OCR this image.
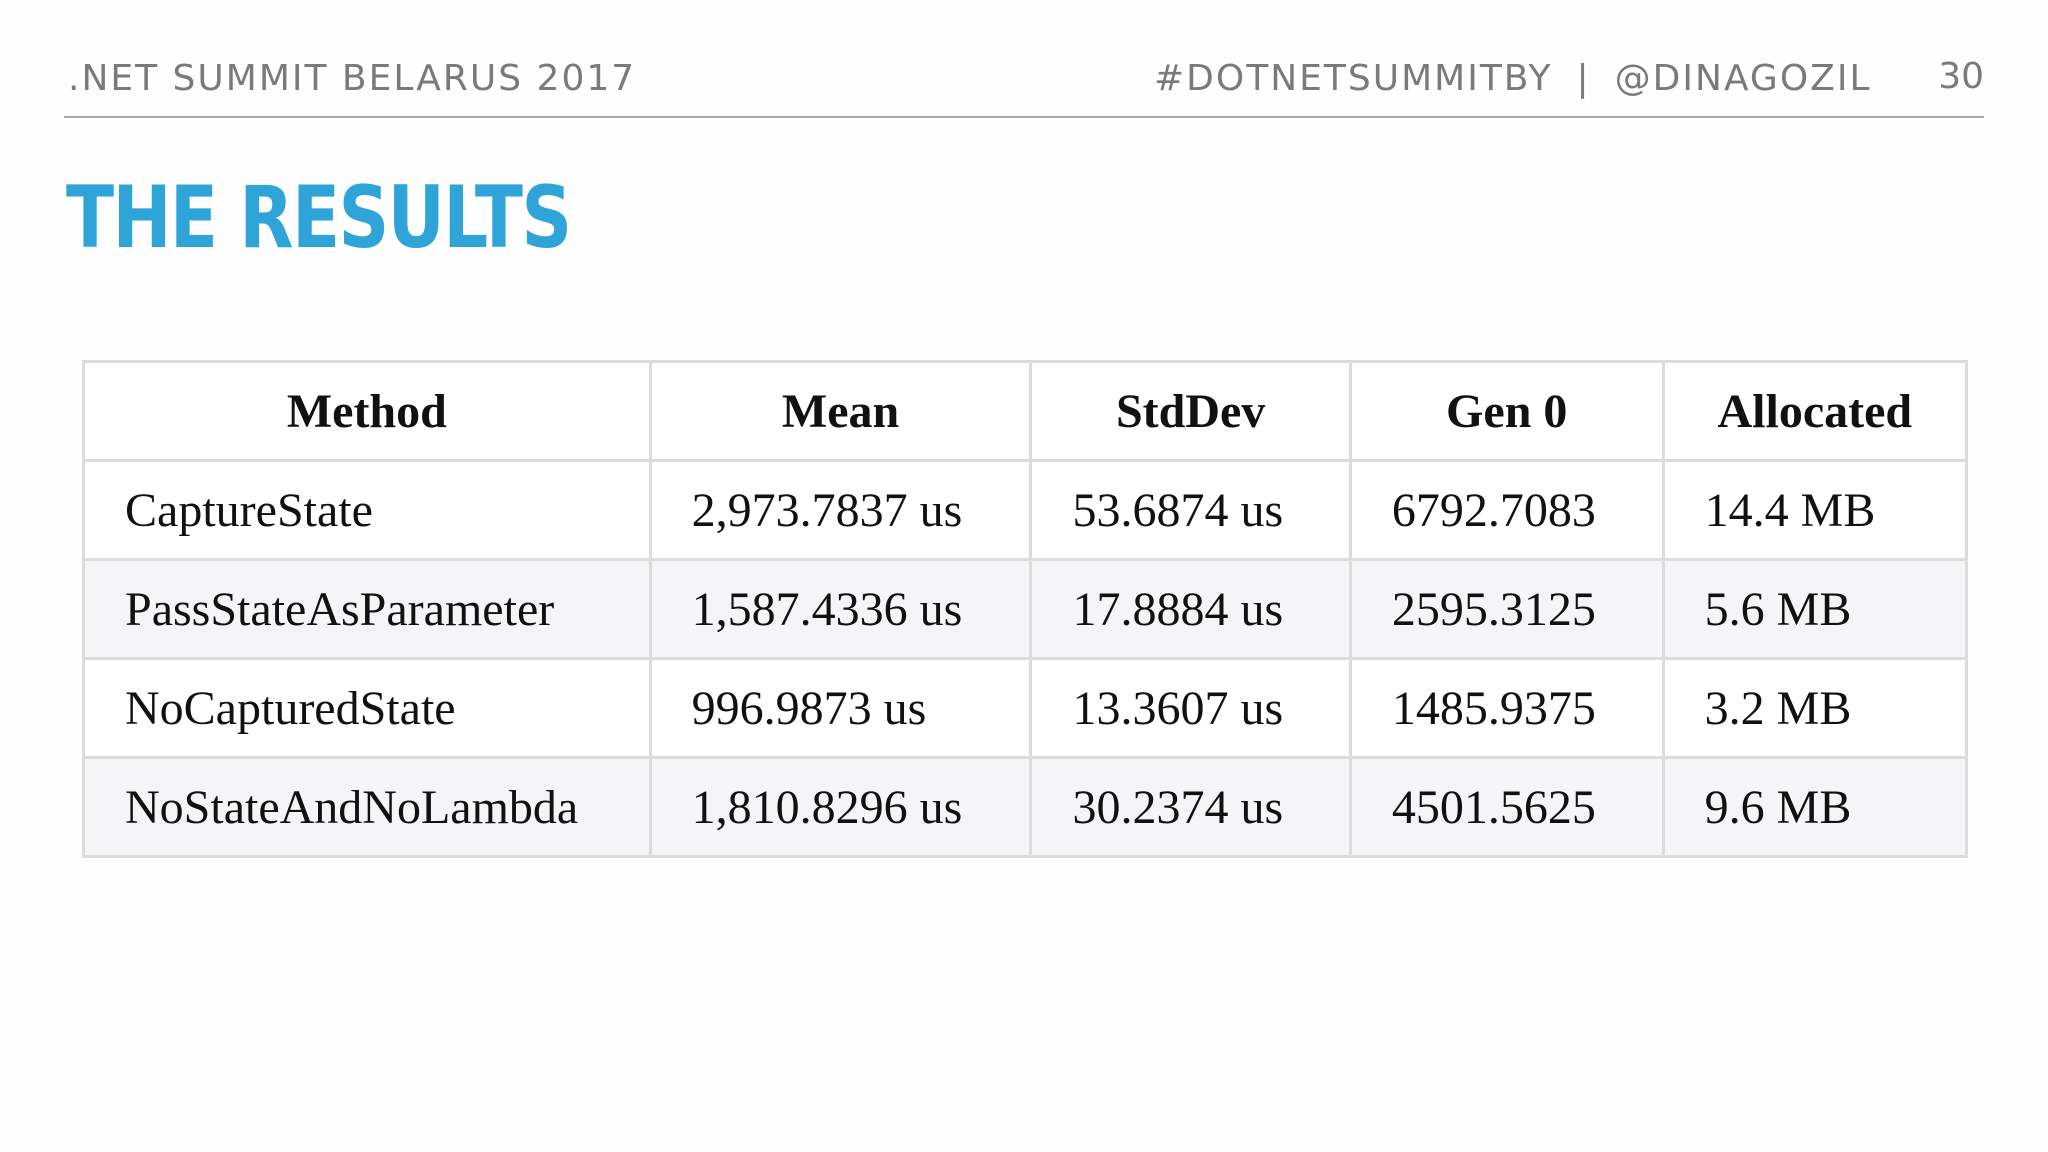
.NET SUMMIT BELARUS 2017	#DOTNETSUMMITBY | @DINAGOZIL 30
THE RESULTS
Method	Mean	StdDev	Gen 0	Allocated
CaptureState	2,973.7837 us	53.6874 us	6792.7083	14.4 MB
PassStateAsParameter	1,587.4336 us	17.8884 us	2595.3125	5.6 MB
NoCapturedState	996.9873 us	13.3607 us	1485.9375	3.2 MB
NoStateAndNoLambda	1,810.8296 us	30.2374 us	4501.5625	9.6 MB
